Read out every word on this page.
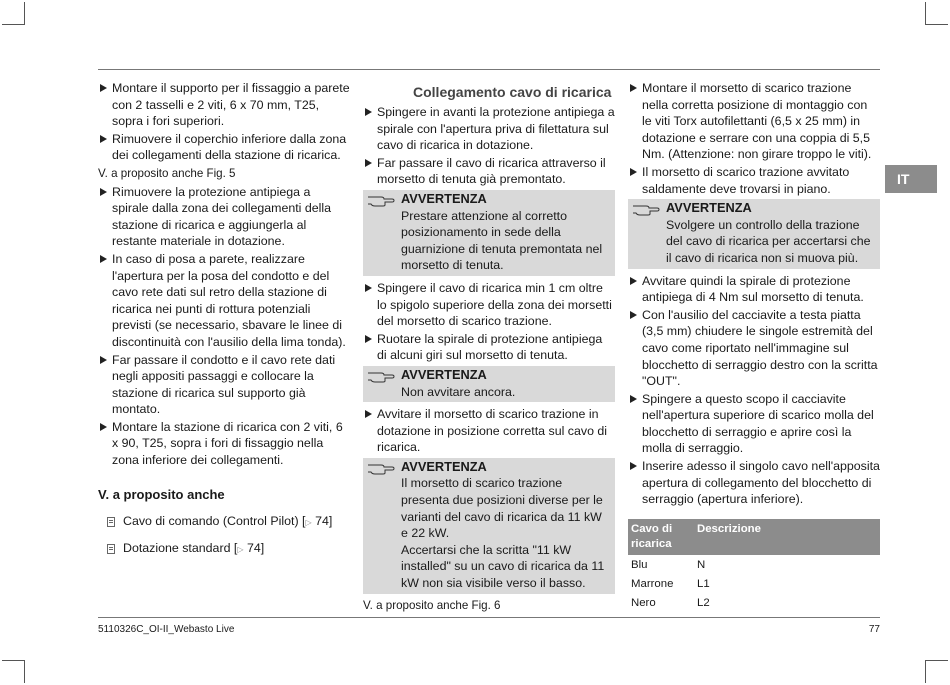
Montare il supporto per il fissaggio a parete con 2 tasselli e 2 viti, 6 x 70 mm, T25, sopra i fori superiori.
Rimuovere il coperchio inferiore dalla zona dei collegamenti della stazione di ricarica.
V. a proposito anche Fig. 5
Rimuovere la protezione antipiega a spirale dalla zona dei collegamenti della stazione di ricarica e aggiungerla al restante materiale in dotazione.
In caso di posa a parete, realizzare l'apertura per la posa del condotto e del cavo rete dati sul retro della stazione di ricarica nei punti di rottura potenziali previsti (se necessario, sbavare le linee di discontinuità con l'ausilio della lima tonda).
Far passare il condotto e il cavo rete dati negli appositi passaggi e collocare la stazione di ricarica sul supporto già montato.
Montare la stazione di ricarica con 2 viti, 6 x 90, T25, sopra i fori di fissaggio nella zona inferiore dei collegamenti.
V. a proposito anche
Cavo di comando (Control Pilot) [▷ 74]
Dotazione standard [▷ 74]
Collegamento cavo di ricarica
Spingere in avanti la protezione antipiega a spirale con l'apertura priva di filettatura sul cavo di ricarica in dotazione.
Far passare il cavo di ricarica attraverso il morsetto di tenuta già premontato.
AVVERTENZA
Prestare attenzione al corretto posizionamento in sede della guarnizione di tenuta premontata nel morsetto di tenuta.
Spingere il cavo di ricarica min 1 cm oltre lo spigolo superiore della zona dei morsetti del morsetto di scarico trazione.
Ruotare la spirale di protezione antipiega di alcuni giri sul morsetto di tenuta.
AVVERTENZA
Non avvitare ancora.
Avvitare il morsetto di scarico trazione in dotazione in posizione corretta sul cavo di ricarica.
AVVERTENZA
Il morsetto di scarico trazione presenta due posizioni diverse per le varianti del cavo di ricarica da 11 kW e 22 kW.
Accertarsi che la scritta "11 kW installed" su un cavo di ricarica da 11 kW non sia visibile verso il basso.
V. a proposito anche Fig. 6
Montare il morsetto di scarico trazione nella corretta posizione di montaggio con le viti Torx autofilettanti (6,5 x 25 mm) in dotazione e serrare con una coppia di 5,5 Nm. (Attenzione: non girare troppo le viti).
Il morsetto di scarico trazione avvitato saldamente deve trovarsi in piano.
AVVERTENZA
Svolgere un controllo della trazione del cavo di ricarica per accertarsi che il cavo di ricarica non si muova più.
Avvitare quindi la spirale di protezione antipiega di 4 Nm sul morsetto di tenuta.
Con l'ausilio del cacciavite a testa piatta (3,5 mm) chiudere le singole estremità del cavo come riportato nell'immagine sul blocchetto di serraggio destro con la scritta "OUT".
Spingere a questo scopo il cacciavite nell'apertura superiore di scarico molla del blocchetto di serraggio e aprire così la molla di serraggio.
Inserire adesso il singolo cavo nell'apposita apertura di collegamento del blocchetto di serraggio (apertura inferiore).
Cavo di ricarica	Descrizione
Blu	N
Marrone	L1
Nero	L2
IT
5110326C_OI-II_Webasto Live	77
